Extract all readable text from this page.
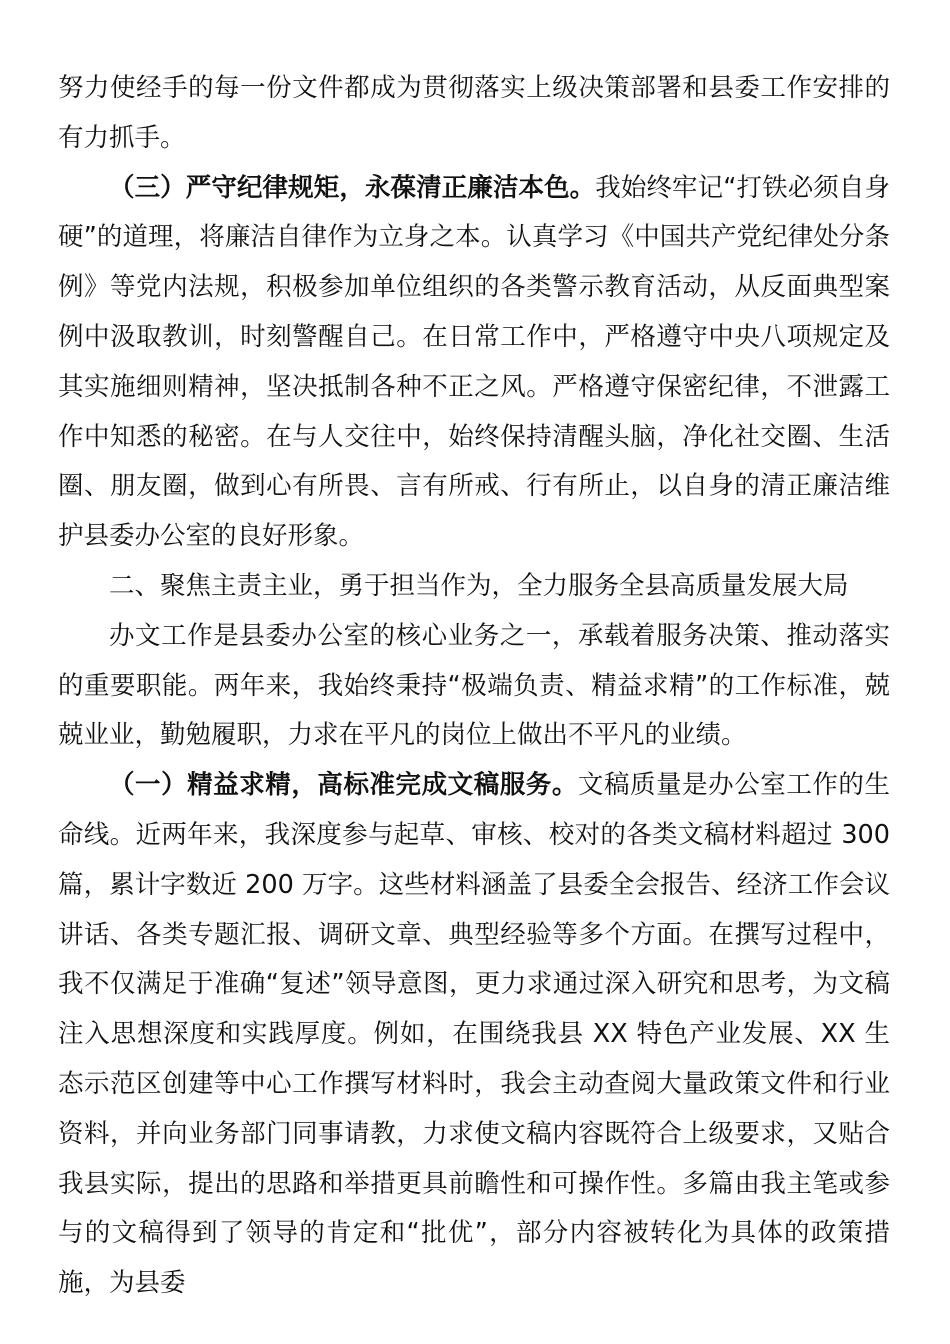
努力使经手的每一份文件都成为贯彻落实上级决策部署和县委工作安排的有力抓手。

（三）严守纪律规矩，永葆清正廉洁本色。我始终牢记“打铁必须自身硬”的道理，将廉洁自律作为立身之本。认真学习《中国共产党纪律处分条例》等党内法规，积极参加单位组织的各类警示教育活动，从反面典型案例中汲取教训，时刻警醒自己。在日常工作中，严格遵守中央八项规定及其实施细则精神，坚决抵制各种不正之风。严格遵守保密纪律，不泄露工作中知悉的秘密。在与人交往中，始终保持清醒头脑，净化社交圈、生活圈、朋友圈，做到心有所畏、言有所戒、行有所止，以自身的清正廉洁维护县委办公室的良好形象。

二、聚焦主责主业，勇于担当作为，全力服务全县高质量发展大局

办文工作是县委办公室的核心业务之一，承载着服务决策、推动落实的重要职能。两年来，我始终秉持“极端负责、精益求精”的工作标准，兢兢业业，勤勉履职，力求在平凡的岗位上做出不平凡的业绩。

（一）精益求精，高标准完成文稿服务。文稿质量是办公室工作的生命线。近两年来，我深度参与起草、审核、校对的各类文稿材料超过 300 篇，累计字数近 200 万字。这些材料涵盖了县委全会报告、经济工作会议讲话、各类专题汇报、调研文章、典型经验等多个方面。在撰写过程中，我不仅满足于准确“复述”领导意图，更力求通过深入研究和思考，为文稿注入思想深度和实践厚度。例如，在围绕我县 XX 特色产业发展、XX 生态示范区创建等中心工作撰写材料时，我会主动查阅大量政策文件和行业资料，并向业务部门同事请教，力求使文稿内容既符合上级要求，又贴合我县实际，提出的思路和举措更具前瞻性和可操作性。多篇由我主笔或参与的文稿得到了领导的肯定和“批优”，部分内容被转化为具体的政策措施，为县委
